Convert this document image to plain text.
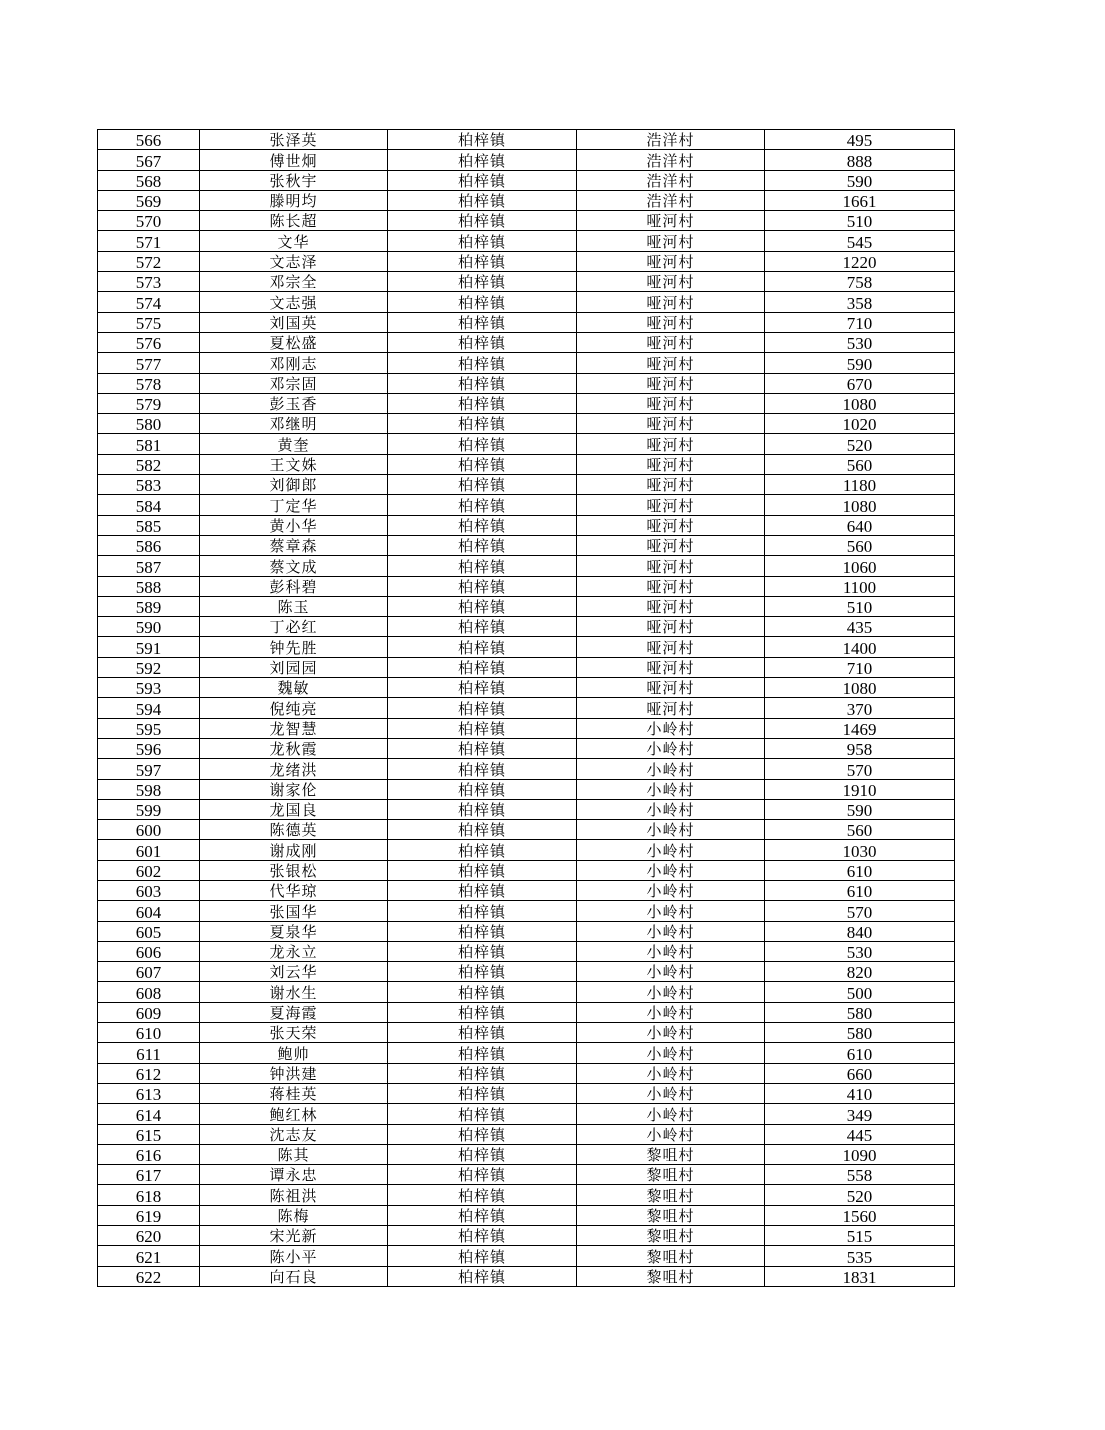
566	张泽英	柏梓镇	浩洋村	495
567	傅世炯	柏梓镇	浩洋村	888
568	张秋宇	柏梓镇	浩洋村	590
569	滕明均	柏梓镇	浩洋村	1661
570	陈长超	柏梓镇	哑河村	510
571	文华	柏梓镇	哑河村	545
572	文志泽	柏梓镇	哑河村	1220
573	邓宗全	柏梓镇	哑河村	758
574	文志强	柏梓镇	哑河村	358
575	刘国英	柏梓镇	哑河村	710
576	夏松盛	柏梓镇	哑河村	530
577	邓刚志	柏梓镇	哑河村	590
578	邓宗固	柏梓镇	哑河村	670
579	彭玉香	柏梓镇	哑河村	1080
580	邓继明	柏梓镇	哑河村	1020
581	黄奎	柏梓镇	哑河村	520
582	王文姝	柏梓镇	哑河村	560
583	刘御郎	柏梓镇	哑河村	1180
584	丁定华	柏梓镇	哑河村	1080
585	黄小华	柏梓镇	哑河村	640
586	蔡章森	柏梓镇	哑河村	560
587	蔡文成	柏梓镇	哑河村	1060
588	彭科碧	柏梓镇	哑河村	1100
589	陈玉	柏梓镇	哑河村	510
590	丁必红	柏梓镇	哑河村	435
591	钟先胜	柏梓镇	哑河村	1400
592	刘园园	柏梓镇	哑河村	710
593	魏敏	柏梓镇	哑河村	1080
594	倪纯亮	柏梓镇	哑河村	370
595	龙智慧	柏梓镇	小岭村	1469
596	龙秋霞	柏梓镇	小岭村	958
597	龙绪洪	柏梓镇	小岭村	570
598	谢家伦	柏梓镇	小岭村	1910
599	龙国良	柏梓镇	小岭村	590
600	陈德英	柏梓镇	小岭村	560
601	谢成刚	柏梓镇	小岭村	1030
602	张银松	柏梓镇	小岭村	610
603	代华琼	柏梓镇	小岭村	610
604	张国华	柏梓镇	小岭村	570
605	夏泉华	柏梓镇	小岭村	840
606	龙永立	柏梓镇	小岭村	530
607	刘云华	柏梓镇	小岭村	820
608	谢水生	柏梓镇	小岭村	500
609	夏海霞	柏梓镇	小岭村	580
610	张天荣	柏梓镇	小岭村	580
611	鲍帅	柏梓镇	小岭村	610
612	钟洪建	柏梓镇	小岭村	660
613	蒋桂英	柏梓镇	小岭村	410
614	鲍红林	柏梓镇	小岭村	349
615	沈志友	柏梓镇	小岭村	445
616	陈其	柏梓镇	黎咀村	1090
617	谭永忠	柏梓镇	黎咀村	558
618	陈祖洪	柏梓镇	黎咀村	520
619	陈梅	柏梓镇	黎咀村	1560
620	宋光新	柏梓镇	黎咀村	515
621	陈小平	柏梓镇	黎咀村	535
622	向石良	柏梓镇	黎咀村	1831
